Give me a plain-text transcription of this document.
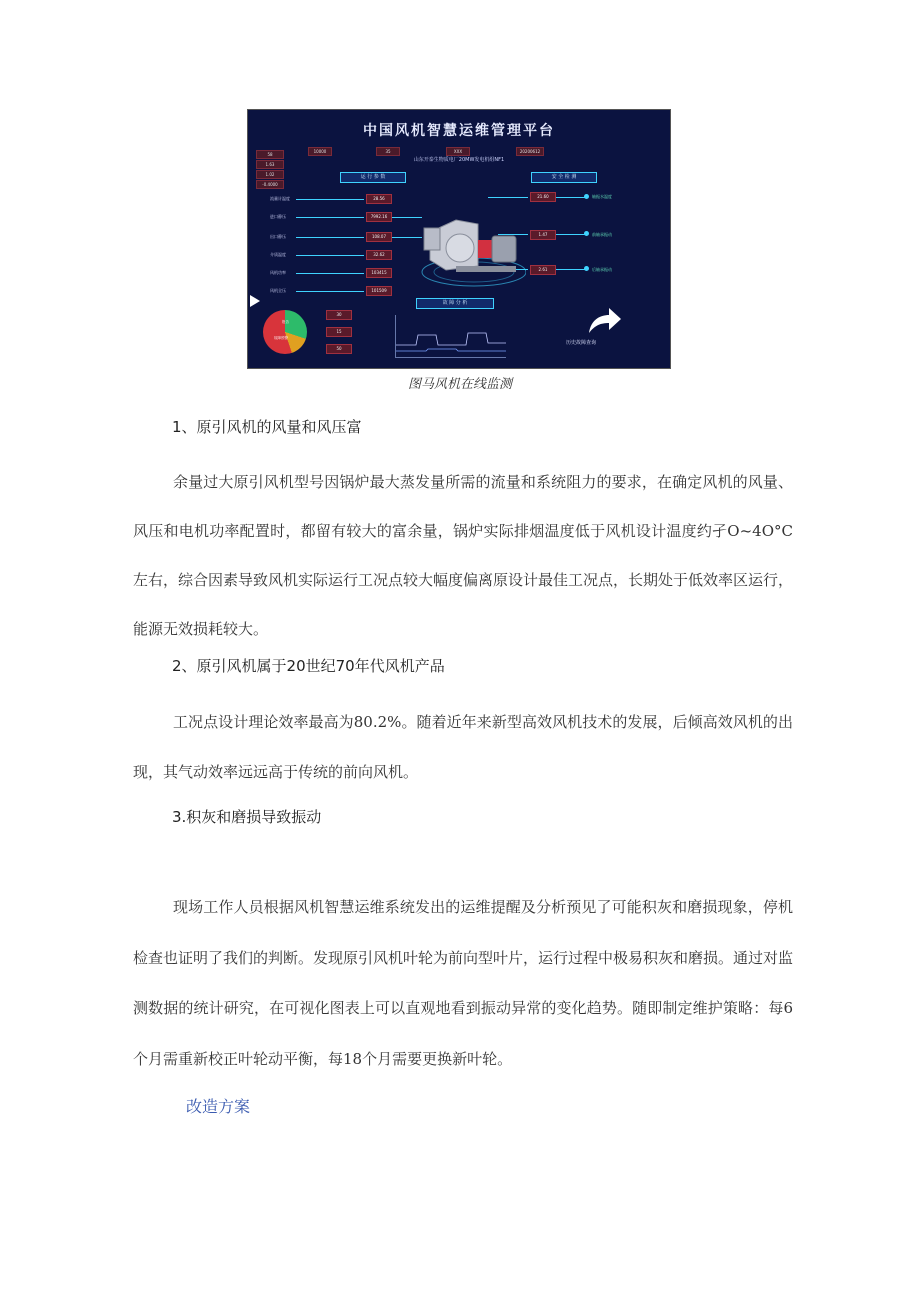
中国风机智慧运维管理平台
10000	35	XXX	20200612
山东开泰生物质电厂20MW发电机组NF1
58
1.63
1.02
-0.4000
运 行 参 数	安 全 检 测
故 障 分 析
流量计温度	28.56
进口静压	7992.16
出口静压	108.07
介质温度	32.62
风机功率	103415
风机全压	101509
21.60	轴振水温度
1.47	前轴承振动
2.61	后轴承振动
30
15
50
报告
故障预警
历史故障查询
图马风机在线监测
1、原引风机的风量和风压富

余量过大原引风机型号因锅炉最大蒸发量所需的流量和系统阻力的要求，在确定风机的风量、风压和电机功率配置时，都留有较大的富余量，锅炉实际排烟温度低于风机设计温度约孑O~4O°C左右，综合因素导致风机实际运行工况点较大幅度偏离原设计最佳工况点，长期处于低效率区运行，能源无效损耗较大。

2、原引风机属于20世纪70年代风机产品

工况点设计理论效率最高为80.2%。随着近年来新型高效风机技术的发展，后倾高效风机的出现，其气动效率远远高于传统的前向风机。

3.积灰和磨损导致振动

现场工作人员根据风机智慧运维系统发出的运维提醒及分析预见了可能积灰和磨损现象，停机检查也证明了我们的判断。发现原引风机叶轮为前向型叶片，运行过程中极易积灰和磨损。通过对监测数据的统计研究，在可视化图表上可以直观地看到振动异常的变化趋势。随即制定维护策略：每6个月需重新校正叶轮动平衡，每18个月需要更换新叶轮。

改造方案
